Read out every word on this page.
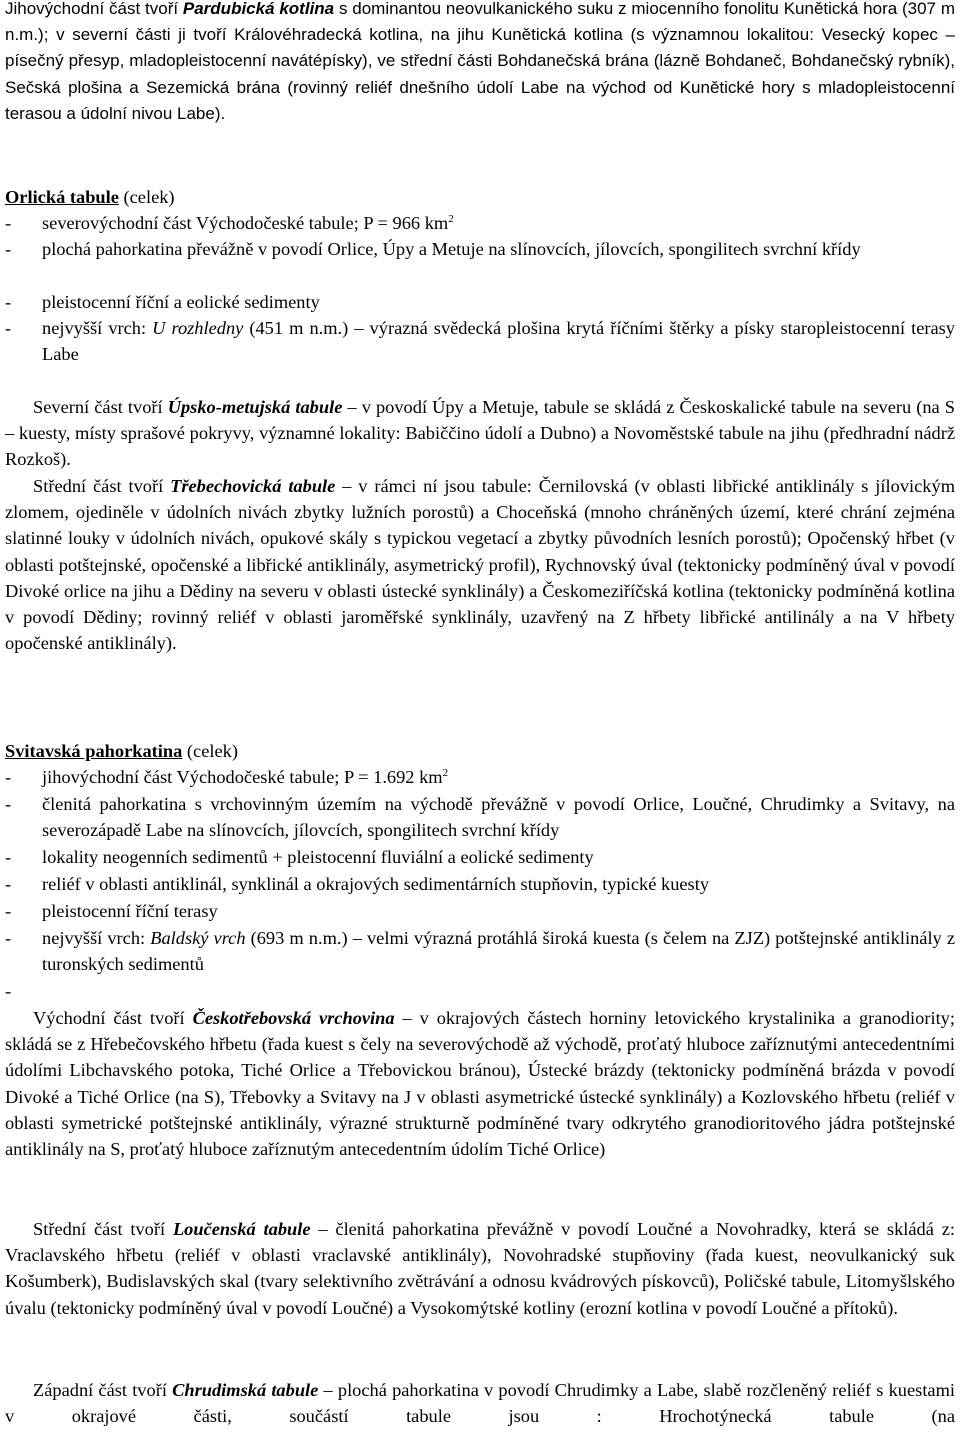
Jihovýchodní část tvoří Pardubická kotlina s dominantou neovulkanického suku z miocenního fonolitu Kunětická hora (307 m n.m.); v severní části ji tvoří Královéhradecká kotlina, na jihu Kunětická kotlina (s významnou lokalitou: Vesecký kopec – písečný přesyp, mladopleistocenní navátépísky), ve střední části Bohdanečská brána (lázně Bohdaneč, Bohdanečský rybník), Sečská plošina a Sezemická brána (rovinný reliéf dnešního údolí Labe na východ od Kunětické hory s mladopleistocenní terasou a údolní nivou Labe).
Orlická tabule (celek)
- severovýchodní část Východočeské tabule; P = 966 $km^2$
- plochá pahorkatina převážně v povodí Orlice, Úpy a Metuje na slínovcích, jílovcích, spongilitech svrchní křídy
- pleistocenní říční a eolické sedimenty
- nejvyšší vrch: U rozhledny (451 m n.m.) – výrazná svědecká plošina krytá říčními štěrky a písky staropleistocenní terasy Labe
Severní část tvoří Úpsko-metujská tabule – v povodí Úpy a Metuje, tabule se skládá z Českoskalické tabule na severu (na S – kuesty, místy sprašové pokryvy, významné lokality: Babiččino údolí a Dubno) a Novoměstské tabule na jihu (předhradní nádrž Rozkoš).
Střední část tvoří Třebechovická tabule – v rámci ní jsou tabule: Černilovská (v oblasti libřické antiklinály s jílovickým zlomem, ojediněle v údolních nivách zbytky lužních porostů) a Choceňská (mnoho chráněných území, které chrání zejména slatinné louky v údolních nivách, opukové skály s typickou vegetací a zbytky původních lesních porostů); Opočenský hřbet (v oblasti potštejnské, opočenské a libřické antiklinály, asymetrický profil), Rychnovský úval (tektonicky podmíněný úval v povodí Divoké orlice na jihu a Dědiny na severu v oblasti ústecké synklinály) a Českomeziříčská kotlina (tektonicky podmíněná kotlina v povodí Dědiny; rovinný reliéf v oblasti jaroměřské synklinály, uzavřený na Z hřbety libřické antilinály a na V hřbety opočenské antiklinály).
Svitavská pahorkatina (celek)
- jihovýchodní část Východočeské tabule; P = 1.692 $km^2$
- členitá pahorkatina s vrchovinným územím na východě převážně v povodí Orlice, Loučné, Chrudimky a Svitavy, na severozápadě Labe na slínovcích, jílovcích, spongilitech svrchní křídy
- lokality neogenních sedimentů + pleistocenní fluviální a eolické sedimenty
- reliéf v oblasti antiklinál, synklinál a okrajových sedimentárních stupňovin, typické kuesty
- pleistocenní říční terasy
- nejvyšší vrch: Baldský vrch (693 m n.m.) – velmi výrazná protáhlá široká kuesta (s čelem na ZJZ) potštejnské antiklinály z turonských sedimentů
-
Východní část tvoří Českotřebovská vrchovina – v okrajových částech horniny letovického krystalinika a granodiority; skládá se z Hřebečovského hřbetu (řada kuest s čely na severovýchodě až východě, proťatý hluboce zaříznutými antecedentními údolími Libchavského potoka, Tiché Orlice a Třebovickou bránou), Ústecké brázdy (tektonicky podmíněná brázda v povodí Divoké a Tiché Orlice (na S), Třebovky a Svitavy na J v oblasti asymetrické ústecké synklinály) a Kozlovského hřbetu (reliéf v oblasti symetrické potštejnské antiklinály, výrazné strukturně podmíněné tvary odkrytého granodioritového jádra potštejnské antiklinály na S, proťatý hluboce zaříznutým antecedentním údolím Tiché Orlice)
Střední část tvoří Loučenská tabule – členitá pahorkatina převážně v povodí Loučné a Novohradky, která se skládá z: Vraclavského hřbetu (reliéf v oblasti vraclavské antiklinály), Novohradské stupňoviny (řada kuest, neovulkanický suk Košumberk), Budislavských skal (tvary selektivního zvětrávání a odnosu kvádrových pískovců), Poličské tabule, Litomyšlského úvalu (tektonicky podmíněný úval v povodí Loučné) a Vysokomýtské kotliny (erozní kotlina v povodí Loučné a přítoků).
Západní část tvoří Chrudimská tabule – plochá pahorkatina v povodí Chrudimky a Labe, slabě rozčleněný reliéf s kuestami v okrajové části, součástí tabule jsou : Hrochotýnecká tabule (na
